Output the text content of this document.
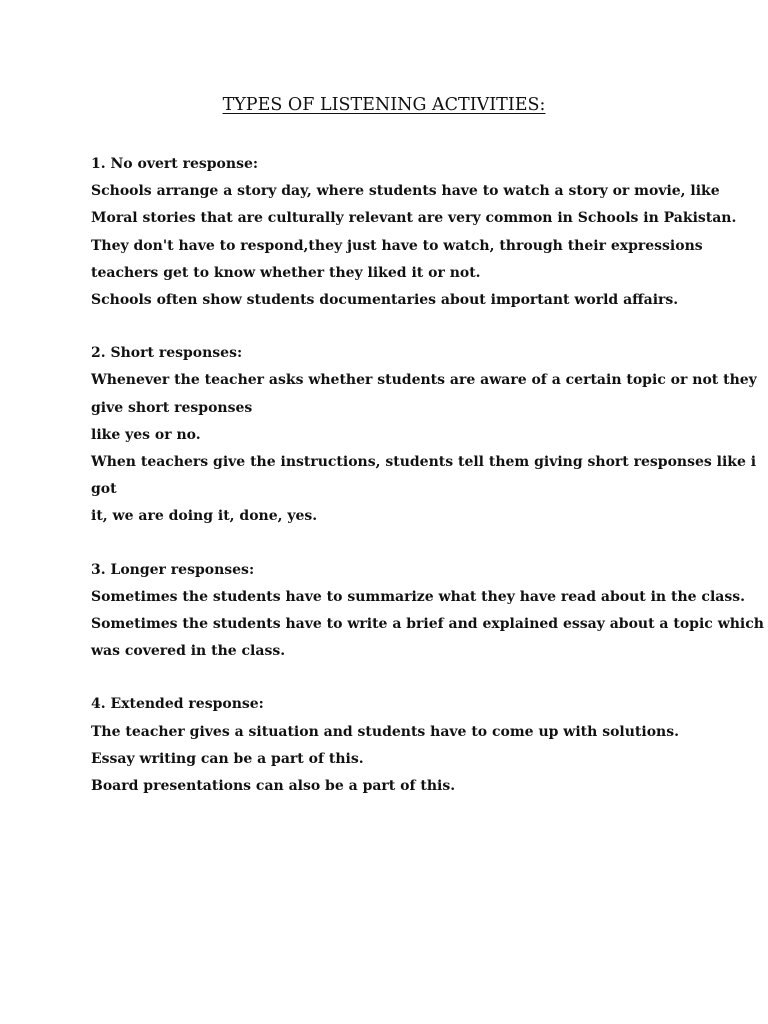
TYPES OF LISTENING ACTIVITIES:
1. No overt response:
Schools arrange a story day, where students have to watch a story or movie, like
Moral stories that are culturally relevant are very common in Schools in Pakistan.
They don't have to respond,they just have to watch, through their expressions
teachers get to know whether they liked it or not.
Schools often show students documentaries about important world affairs.
2. Short responses:
Whenever the teacher asks whether students are aware of a certain topic or not they
give short responses
like yes or no.
When teachers give the instructions, students tell them giving short responses like i
got
it, we are doing it, done, yes.
3. Longer responses:
Sometimes the students have to summarize what they have read about in the class.
Sometimes the students have to write a brief and explained essay about a topic which
was covered in the class.
4. Extended response:
The teacher gives a situation and students have to come up with solutions.
Essay writing can be a part of this.
Board presentations can also be a part of this.
